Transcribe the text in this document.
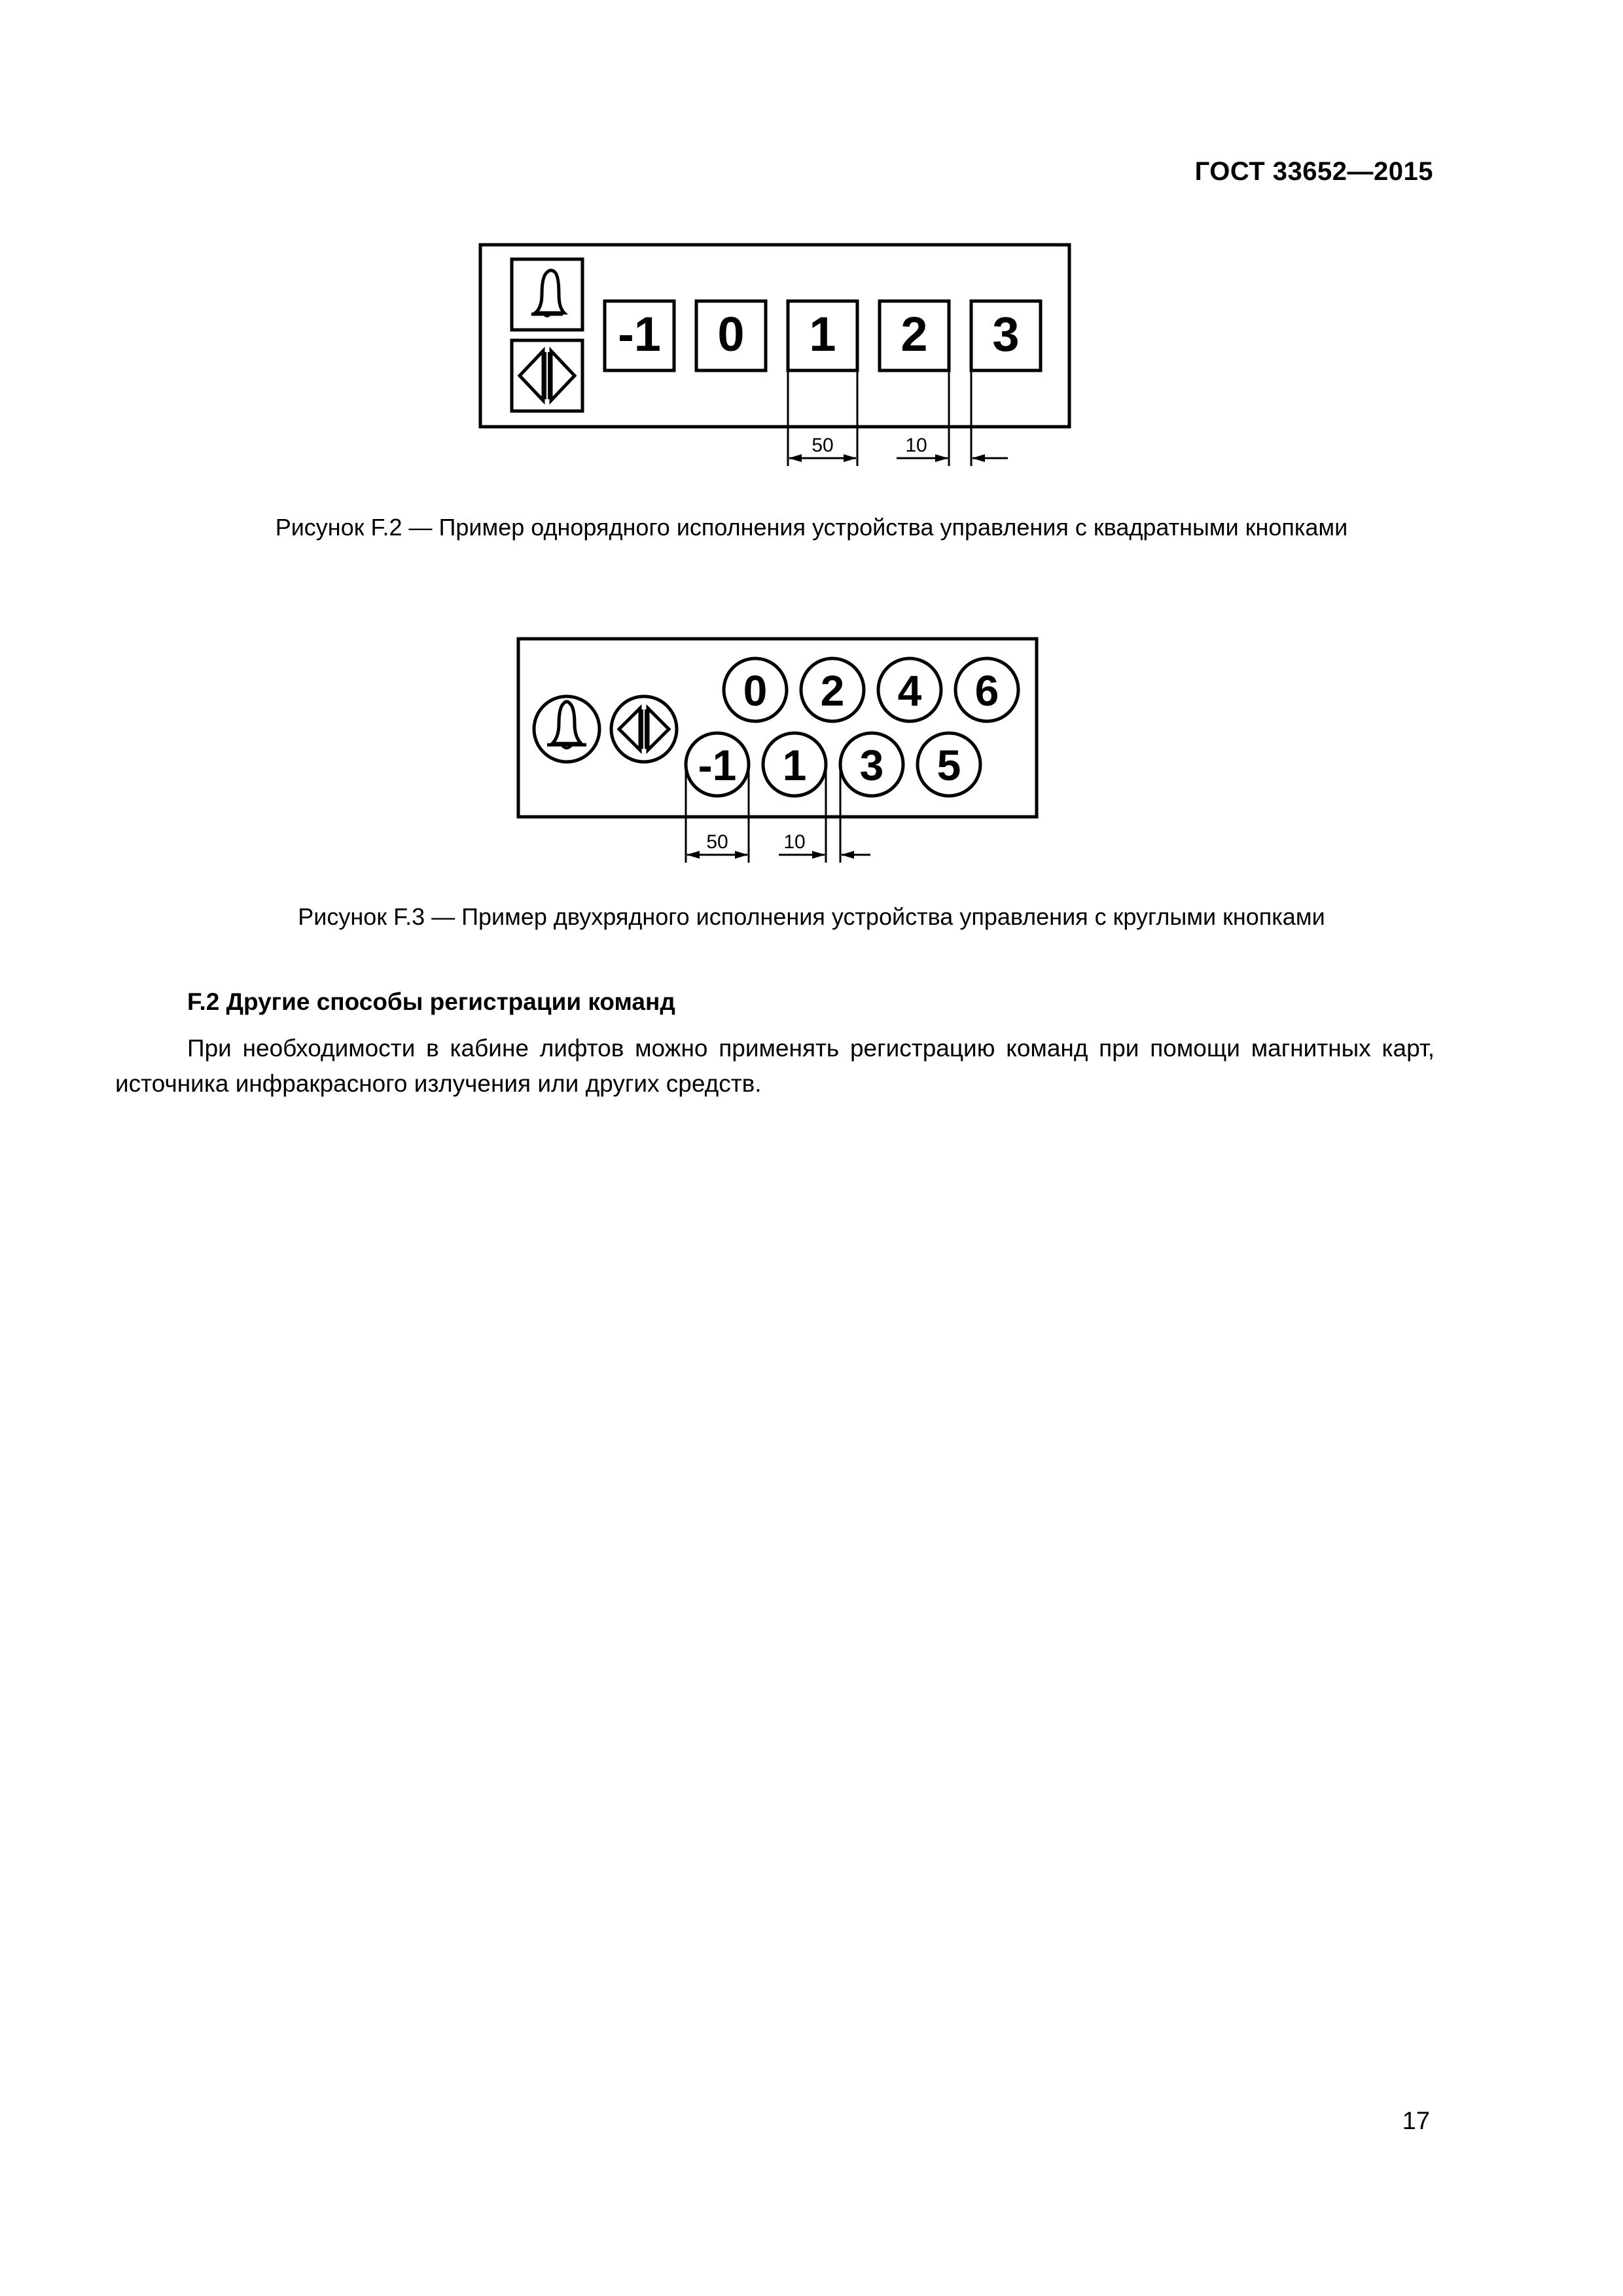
ГОСТ 33652—2015
-1 0 1 2 3
50	10
Рисунок F.2 — Пример однорядного исполнения устройства управления с квадратными кнопками
0 2 4 6
-1 1 3 5
50	10
Рисунок F.3 — Пример двухрядного исполнения устройства управления с круглыми кнопками
F.2 Другие способы регистрации команд
При необходимости в кабине лифтов можно применять регистрацию команд при помощи магнитных карт, источника инфракрасного излучения или других средств.
17
